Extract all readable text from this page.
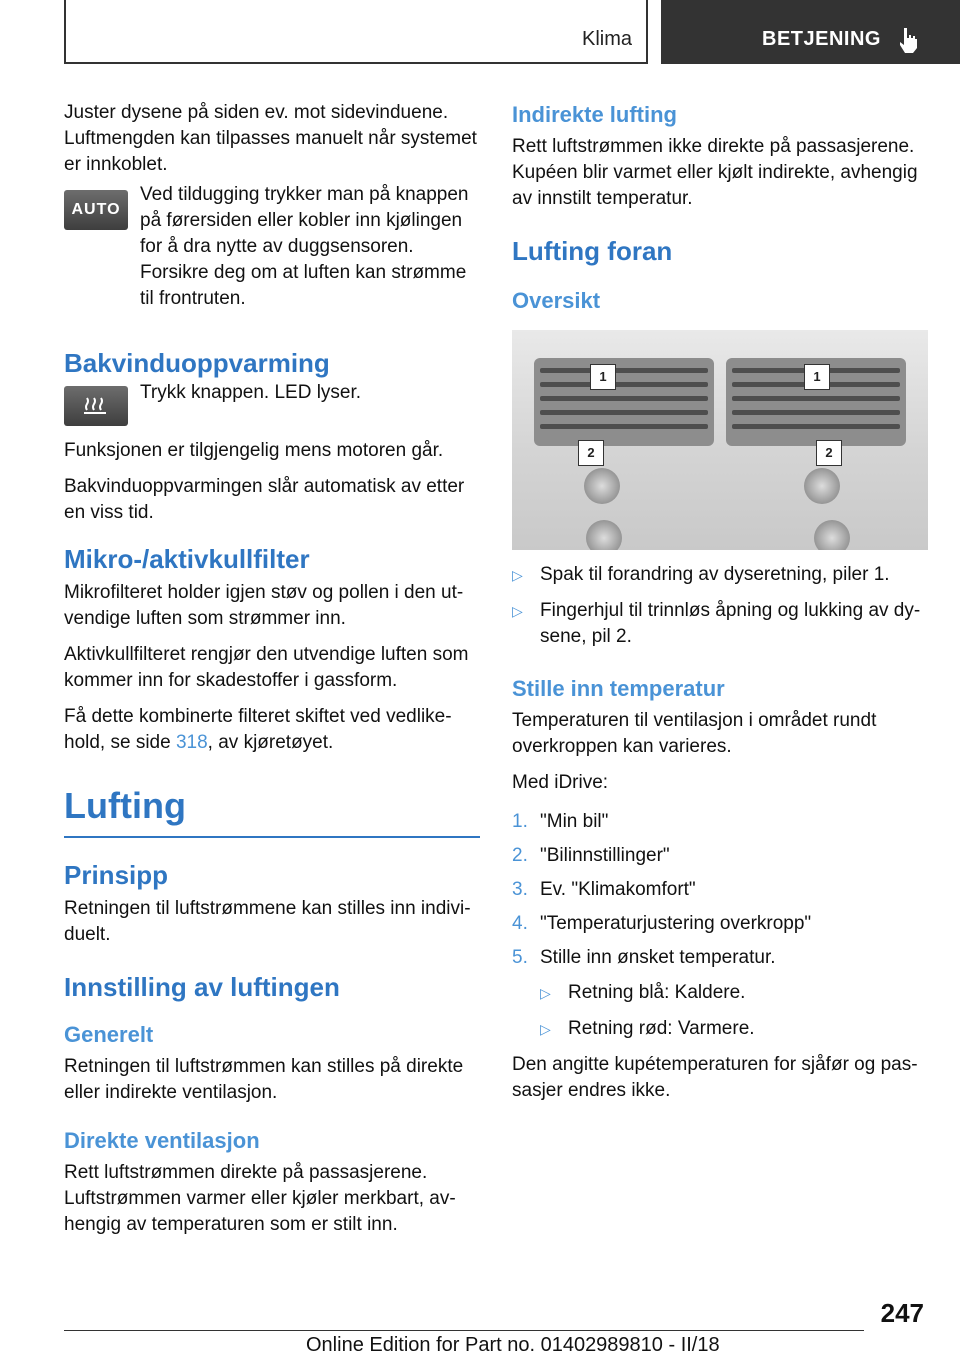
Klima	BETJENING

Juster dysene på siden ev. mot sidevinduene. Luftmengden kan tilpasses manuelt når systemet er innkoblet.

AUTO

Ved tildugging trykker man på knappen på førersiden eller kobler inn kjølingen for å dra nytte av duggsensoren. Forsikre deg om at luften kan strømme til frontruten.

Bakvinduoppvarming

Trykk knappen. LED lyser.

Funksjonen er tilgjengelig mens motoren går.

Bakvinduoppvarmingen slår automatisk av etter en viss tid.

Mikro-/aktivkullfilter

Mikrofilteret holder igjen støv og pollen i den utvendige luften som strømmer inn.

Aktivkullfilteret rengjør den utvendige luften som kommer inn for skadestoffer i gassform.

Få dette kombinerte filteret skiftet ved vedlikehold, se side 318, av kjøretøyet.

Lufting
Prinsipp

Retningen til luftstrømmene kan stilles inn individuelt.

Innstilling av luftingen
Generelt

Retningen til luftstrømmen kan stilles på direkte eller indirekte ventilasjon.

Direkte ventilasjon

Rett luftstrømmen direkte på passasjerene. Luftstrømmen varmer eller kjøler merkbart, avhengig av temperaturen som er stilt inn.

Indirekte lufting

Rett luftstrømmen ikke direkte på passasjerene. Kupéen blir varmet eller kjølt indirekte, avhengig av innstilt temperatur.

Lufting foran
Oversikt
1	1
2	2
▷ Spak til forandring av dyseretning, piler 1.
▷ Fingerhjul til trinnløs åpning og lukking av dysene, pil 2.
Stille inn temperatur

Temperaturen til ventilasjon i området rundt overkroppen kan varieres.

Med iDrive:

1. "Min bil"
2. "Bilinnstillinger"
3. Ev. "Klimakomfort"
4. "Temperaturjustering overkropp"
5. Stille inn ønsket temperatur.
▷ Retning blå: Kaldere.
▷ Retning rød: Varmere.

Den angitte kupétemperaturen for sjåfør og passasjer endres ikke.

247
Online Edition for Part no. 01402989810 - II/18
